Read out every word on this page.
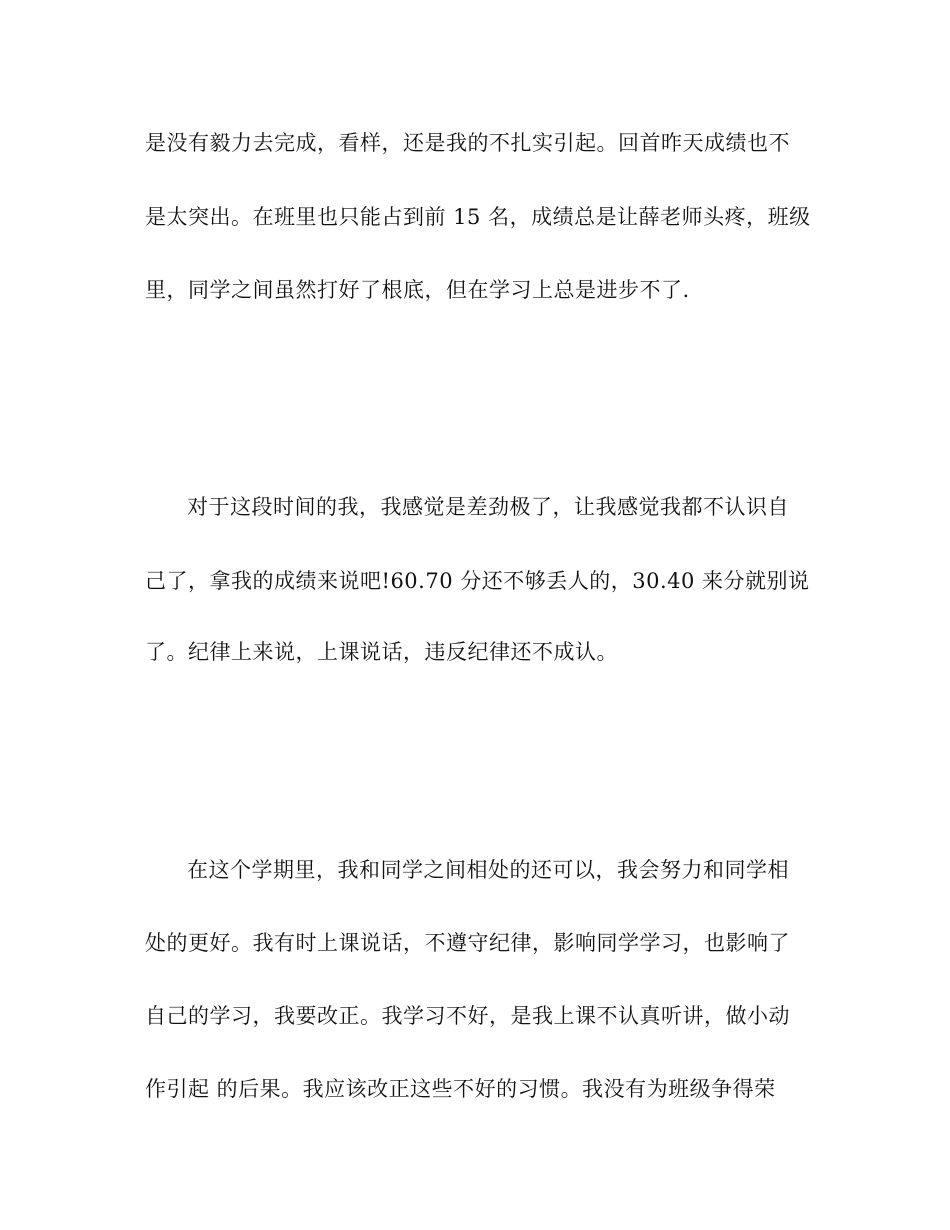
是没有毅力去完成，看样，还是我的不扎实引起。回首昨天成绩也不
是太突出。在班里也只能占到前 15 名，成绩总是让薛老师头疼，班级
里，同学之间虽然打好了根底，但在学习上总是进步不了.
对于这段时间的我，我感觉是差劲极了，让我感觉我都不认识自
己了，拿我的成绩来说吧!60.70 分还不够丢人的，30.40 来分就别说
了。纪律上来说，上课说话，违反纪律还不成认。
在这个学期里，我和同学之间相处的还可以，我会努力和同学相
处的更好。我有时上课说话，不遵守纪律，影响同学学习，也影响了
自己的学习，我要改正。我学习不好，是我上课不认真听讲，做小动
作引起 的后果。我应该改正这些不好的习惯。我没有为班级争得荣
